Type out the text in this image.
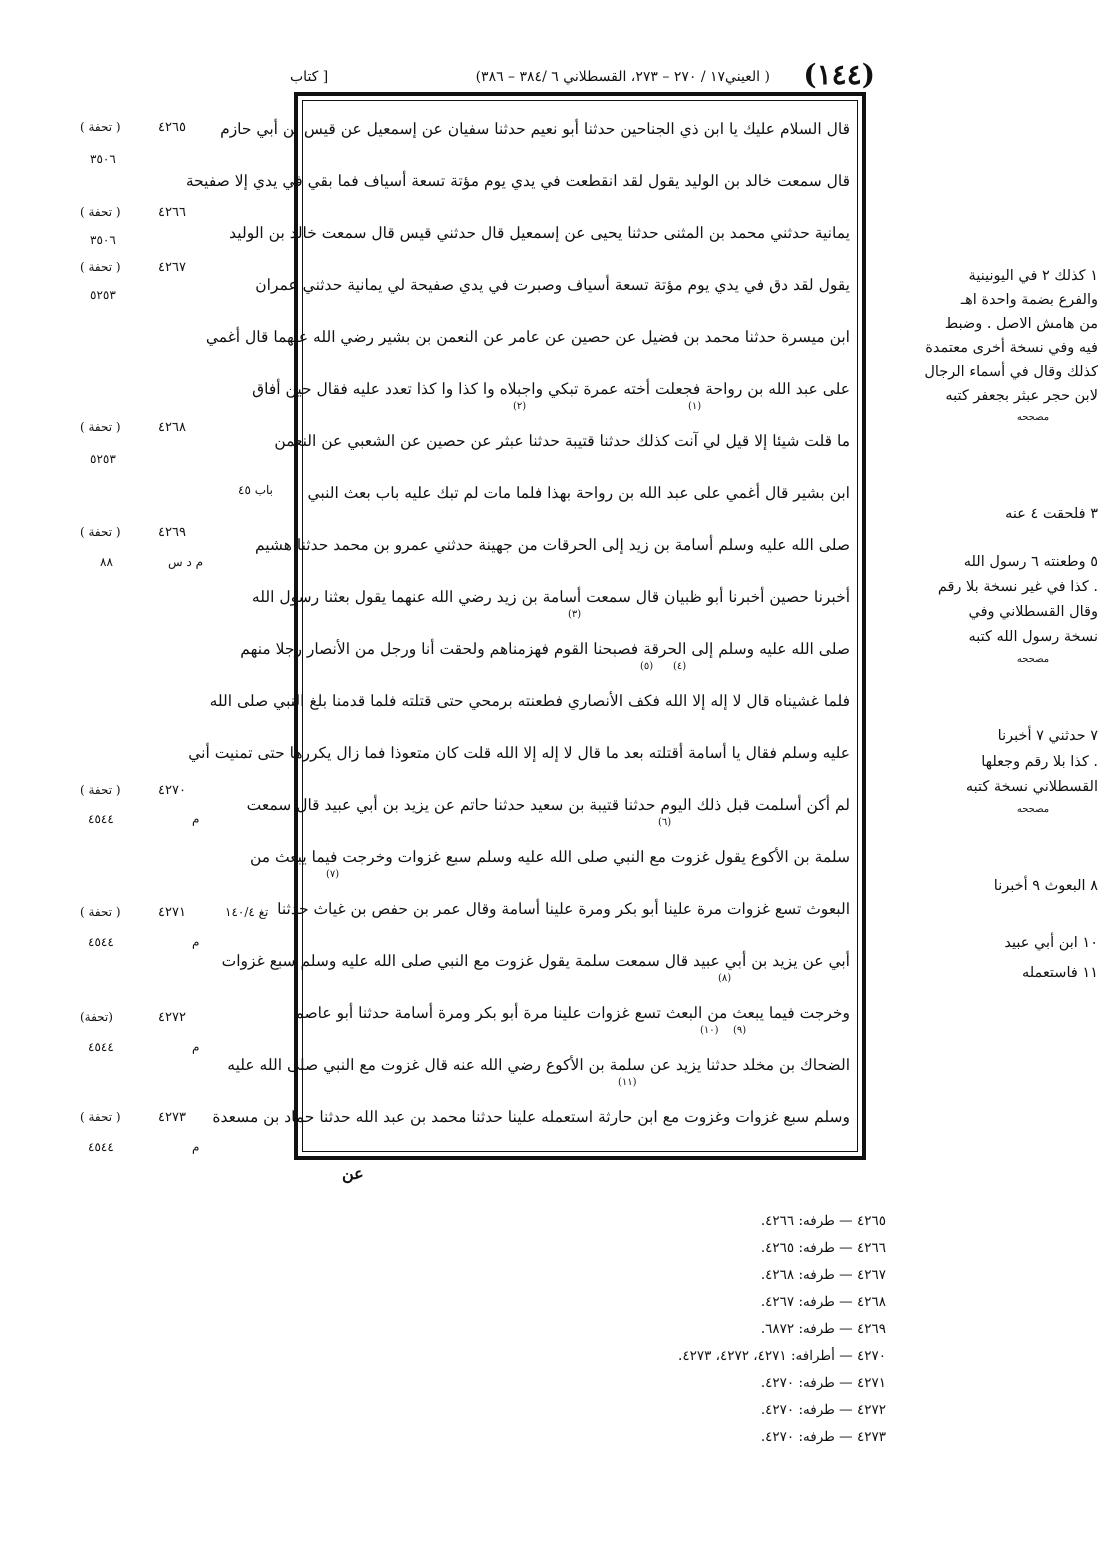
(١٤٤)
( العيني١٧ / ٢٧٠ – ٢٧٣، القسطلاني ٦ /٣٨٤ – ٣٨٦)
[ كتاب
قال السلام عليك يا ابن ذي الجناحين حدثنا أبو نعيم حدثنا سفيان عن إسمعيل عن قيس بن أبي حازم
قال سمعت خالد بن الوليد يقول لقد انقطعت في يدي يوم مؤتة تسعة أسياف فما بقي في يدي إلا صفيحة
يمانية حدثني محمد بن المثنى حدثنا يحيى عن إسمعيل قال حدثني قيس قال سمعت خالد بن الوليد
يقول لقد دق في يدي يوم مؤتة تسعة أسياف وصبرت في يدي صفيحة لي يمانية حدثني عمران
ابن ميسرة حدثنا محمد بن فضيل عن حصين عن عامر عن النعمن بن بشير رضي الله عنهما قال أغمي
على عبد الله بن رواحة فجعلت أخته عمرة تبكي واجبلاه وا كذا وا كذا تعدد عليه فقال حين أفاق
ما قلت شيئا إلا قيل لي آنت كذلك حدثنا قتيبة حدثنا عبثر عن حصين عن الشعبي عن النعمن
ابن بشير قال أغمي على عبد الله بن رواحة بهذا فلما مات لم تبك عليه باب بعث النبي
صلى الله عليه وسلم أسامة بن زيد إلى الحرقات من جهينة حدثني عمرو بن محمد حدثنا هشيم
أخبرنا حصين أخبرنا أبو ظبيان قال سمعت أسامة بن زيد رضي الله عنهما يقول بعثنا رسول الله
صلى الله عليه وسلم إلى الحرقة فصبحنا القوم فهزمناهم ولحقت أنا ورجل من الأنصار رجلا منهم
فلما غشيناه قال لا إله إلا الله فكف الأنصاري فطعنته برمحي حتى قتلته فلما قدمنا بلغ النبي صلى الله
عليه وسلم فقال يا أسامة أقتلته بعد ما قال لا إله إلا الله قلت كان متعوذا فما زال يكررها حتى تمنيت أني
لم أكن أسلمت قبل ذلك اليوم حدثنا قتيبة بن سعيد حدثنا حاتم عن يزيد بن أبي عبيد قال سمعت
سلمة بن الأكوع يقول غزوت مع النبي صلى الله عليه وسلم سبع غزوات وخرجت فيما يبعث من
البعوث تسع غزوات مرة علينا أبو بكر ومرة علينا أسامة وقال عمر بن حفص بن غياث حدثنا
أبي عن يزيد بن أبي عبيد قال سمعت سلمة يقول غزوت مع النبي صلى الله عليه وسلم سبع غزوات
وخرجت فيما يبعث من البعث تسع غزوات علينا مرة أبو بكر ومرة أسامة حدثنا أبو عاصم
الضحاك بن مخلد حدثنا يزيد عن سلمة بن الأكوع رضي الله عنه قال غزوت مع النبي صلى الله عليه
وسلم سبع غزوات وغزوت مع ابن حارثة استعمله علينا حدثنا محمد بن عبد الله حدثنا حماد بن مسعدة
(١)
(٢)
(٣)
(٤)
(٥)
(٦)
(٧)
(٨)
(٩)
(١٠)
(١١)
٤٢٦٥
( تحفة )
٣٥٠٦
٤٢٦٦
( تحفة )
٣٥٠٦
٤٢٦٧
( تحفة )
٥٢٥٣
٤٢٦٨
( تحفة )
٥٢٥٣
باب ٤٥
٤٢٦٩
( تحفة )
٨٨	م د س
٤٢٧٠
( تحفة )
٤٥٤٤	م
٤٢٧١
( تحفة )
٤٥٤٤	م
تغ ١٤٠/٤
٤٢٧٢
(تحفة)
٤٥٤٤	م
٤٢٧٣
( تحفة )
٤٥٤٤	م
١ كذلك ٢ في اليونينية
والفرع بضمة واحدة اهـ
من هامش الاصل . وضبط
فيه وفي نسخة أخرى معتمدة
كذلك وقال في أسماء الرجال
لابن حجر عبثر بجعفر كتبه
مصححه
٣ فلحقت ٤ عنه
٥ وطعنته ٦ رسول الله
. كذا في غير نسخة بلا رقم
وقال القسطلاني وفي
نسخة رسول الله كتبه
مصححه
٧ حدثني ٧ أخبرنا
. كذا بلا رقم وجعلها
القسطلاني نسخة كتبه
مصححه
٨ البعوث ٩ أخبرنا
١٠ ابن أبي عبيد
١١ فاستعمله
عن
٤٢٦٥ — طرفه: ٤٢٦٦.
٤٢٦٦ — طرفه: ٤٢٦٥.
٤٢٦٧ — طرفه: ٤٢٦٨.
٤٢٦٨ — طرفه: ٤٢٦٧.
٤٢٦٩ — طرفه: ٦٨٧٢.
٤٢٧٠ — أطرافه: ٤٢٧١، ٤٢٧٢، ٤٢٧٣.
٤٢٧١ — طرفه: ٤٢٧٠.
٤٢٧٢ — طرفه: ٤٢٧٠.
٤٢٧٣ — طرفه: ٤٢٧٠.
